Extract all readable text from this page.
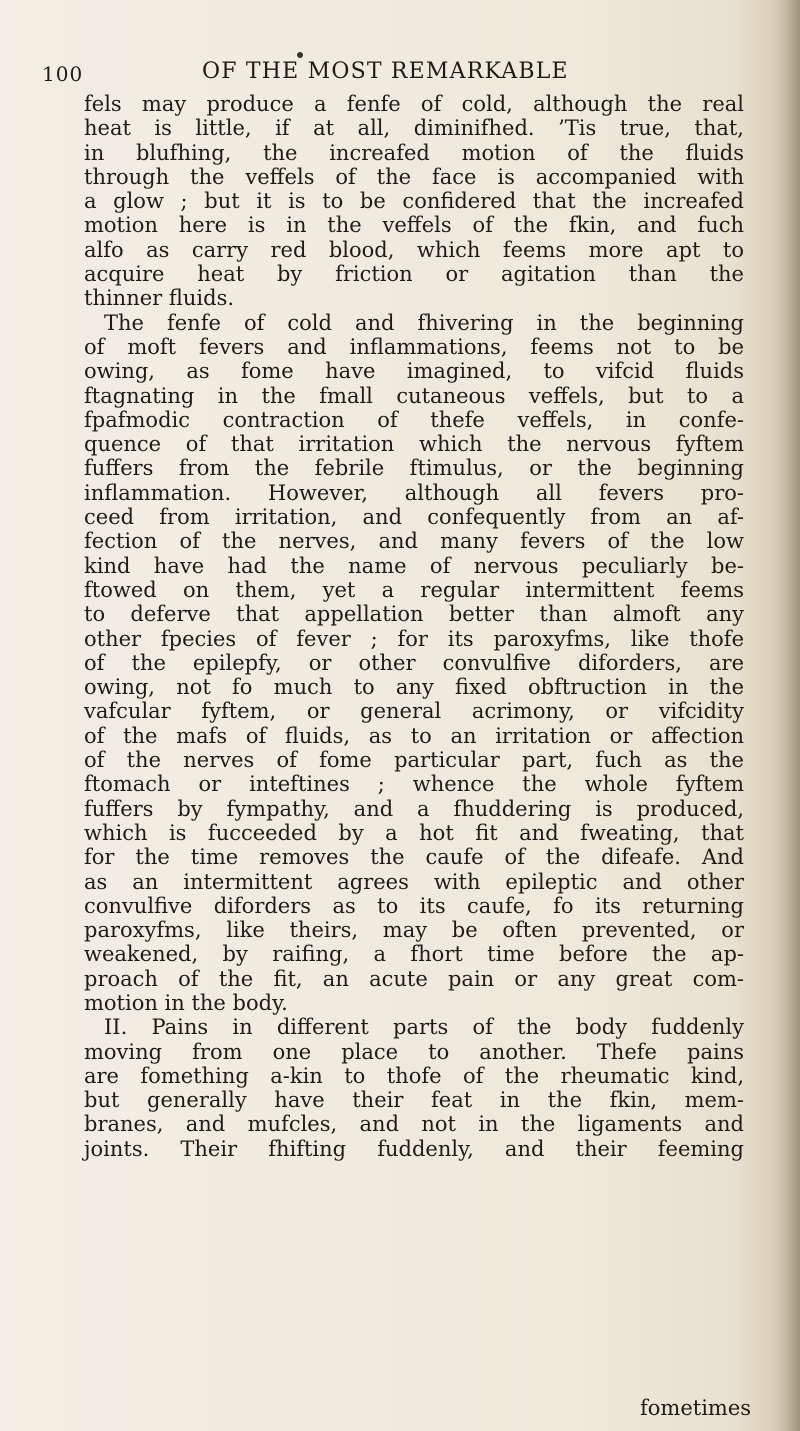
100	OF THE MOST REMARKABLE
fels may produce a fenfe of cold, although the real
heat is little, if at all, diminifhed. ’Tis true, that,
in blufhing, the increafed motion of the fluids
through the veffels of the face is accompanied with
a glow ; but it is to be confidered that the increafed
motion here is in the veffels of the fkin, and fuch
alfo as carry red blood, which feems more apt to
acquire heat by friction or agitation than the
thinner fluids.
The fenfe of cold and fhivering in the beginning
of moft fevers and inflammations, feems not to be
owing, as fome have imagined, to vifcid fluids
ftagnating in the fmall cutaneous veffels, but to a
fpafmodic contraction of thefe veffels, in confe-
quence of that irritation which the nervous fyftem
fuffers from the febrile ftimulus, or the beginning
inflammation. However, although all fevers pro-
ceed from irritation, and confequently from an af-
fection of the nerves, and many fevers of the low
kind have had the name of nervous peculiarly be-
ftowed on them, yet a regular intermittent feems
to deferve that appellation better than almoft any
other fpecies of fever ; for its paroxyfms, like thofe
of the epilepfy, or other convulfive diforders, are
owing, not fo much to any fixed obftruction in the
vafcular fyftem, or general acrimony, or vifcidity
of the mafs of fluids, as to an irritation or affection
of the nerves of fome particular part, fuch as the
ftomach or inteftines ; whence the whole fyftem
fuffers by fympathy, and a fhuddering is produced,
which is fucceeded by a hot fit and fweating, that
for the time removes the caufe of the difeafe. And
as an intermittent agrees with epileptic and other
convulfive diforders as to its caufe, fo its returning
paroxyfms, like theirs, may be often prevented, or
weakened, by raifing, a fhort time before the ap-
proach of the fit, an acute pain or any great com-
motion in the body.
II. Pains in different parts of the body fuddenly
moving from one place to another. Thefe pains
are fomething a-kin to thofe of the rheumatic kind,
but generally have their feat in the fkin, mem-
branes, and mufcles, and not in the ligaments and
joints. Their fhifting fuddenly, and their feeming
fometimes
